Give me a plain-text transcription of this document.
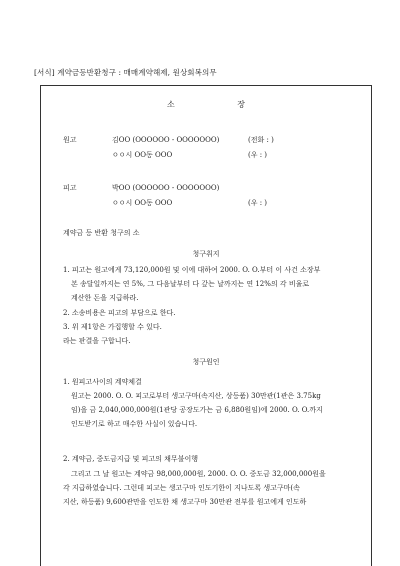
[서식] 계약금등반환청구 : 매매계약해제, 원상회복의무
소 장
원고	김OO (OOOOOO - OOOOOOO)	(전화 : )
ㅇㅇ시 OO동 OOO	(우 : )
피고	박OO (OOOOOO - OOOOOOO)
ㅇㅇ시 OO동 OOO	(우 : )
계약금 등 반환 청구의 소
청구취지
1. 피고는 원고에게 73,120,000원 및 이에 대하여 2000. O. O.부터 이 사건 소장부
본 송달일까지는 연 5%, 그 다음날부터 다 갚는 날까지는 연 12%의 각 비율로
계산한 돈을 지급하라.
2. 소송비용은 피고의 부담으로 한다.
3. 위 제1항은 가집행할 수 있다.
라는 판결을 구합니다.
청구원인
1. 원피고사이의 계약체결
원고는 2000. O. O. 피고로부터 생고구마(속지산, 상등품) 30만관(1관은 3.75kg
임)을 금 2,040,000,000원(1관당 공장도가는 금 6,880원임)에 2000. O. O.까지
인도받기로 하고 매수한 사실이 있습니다.
2. 계약금, 중도금지급 및 피고의 채무불이행
그리고 그 날 원고는 계약금 98,000,000원, 2000. O. O. 중도금 32,000,000원을
각 지급하였습니다. 그런데 피고는 생고구마 인도기한이 지나도록 생고구마(속
지산, 하등품) 9,600관만을 인도한 채 생고구마 30만관 전부를 원고에게 인도하
